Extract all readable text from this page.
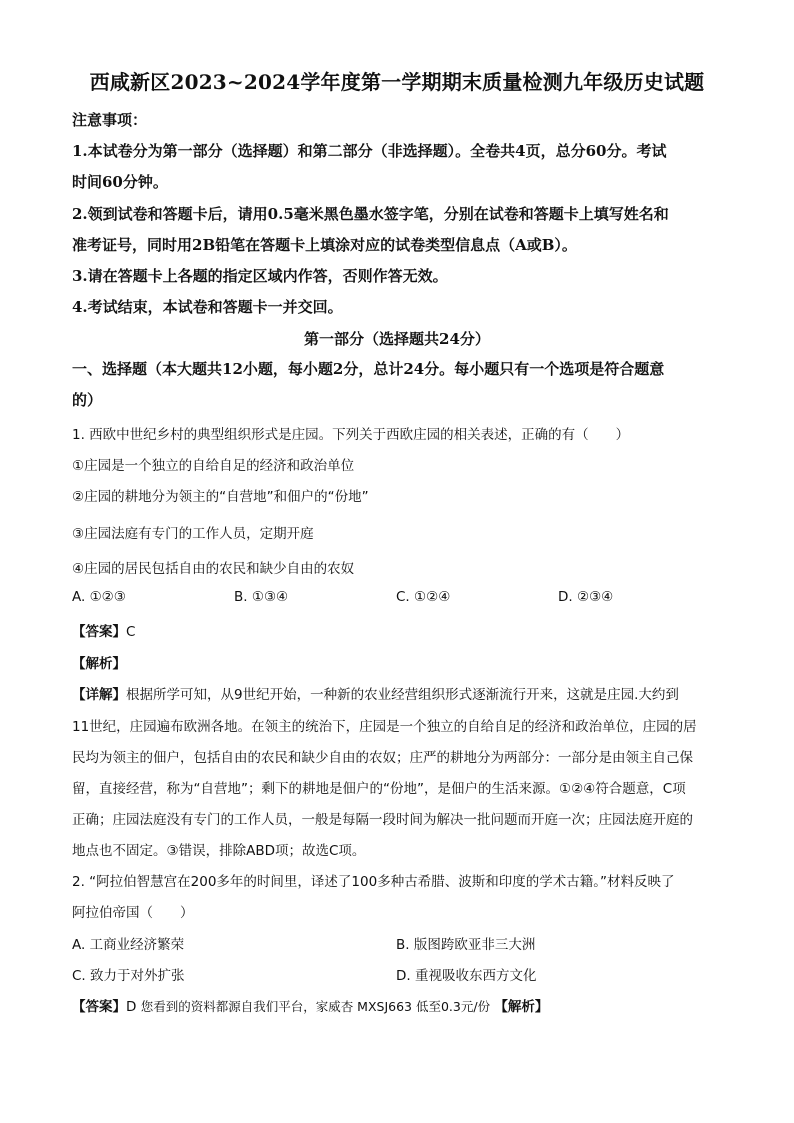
西咸新区2023~2024学年度第一学期期末质量检测九年级历史试题
注意事项：
1.本试卷分为第一部分（选择题）和第二部分（非选择题）。全卷共4页，总分60分。考试
时间60分钟。
2.领到试卷和答题卡后，请用0.5毫米黑色墨水签字笔，分别在试卷和答题卡上填写姓名和
准考证号，同时用2B铅笔在答题卡上填涂对应的试卷类型信息点（A或B）。
3.请在答题卡上各题的指定区域内作答，否则作答无效。
4.考试结束，本试卷和答题卡一并交回。
第一部分（选择题共24分）
一、选择题（本大题共12小题，每小题2分，总计24分。每小题只有一个选项是符合题意
的）
1. 西欧中世纪乡村的典型组织形式是庄园。下列关于西欧庄园的相关表述，正确的有（　　）
①庄园是一个独立的自给自足的经济和政治单位
②庄园的耕地分为领主的“自营地”和佃户的“份地”
③庄园法庭有专门的工作人员，定期开庭
④庄园的居民包括自由的农民和缺少自由的农奴
A. ①②③	B. ①③④	C. ①②④	D. ②③④
【答案】C
【解析】
【详解】根据所学可知，从9世纪开始，一种新的农业经营组织形式逐渐流行开来，这就是庄园.大约到
11世纪，庄园遍布欧洲各地。在领主的统治下，庄园是一个独立的自给自足的经济和政治单位，庄园的居
民均为领主的佃户，包括自由的农民和缺少自由的农奴；庄严的耕地分为两部分：一部分是由领主自己保
留，直接经营，称为“自营地”；剩下的耕地是佃户的“份地”，是佃户的生活来源。①②④符合题意，C项
正确；庄园法庭没有专门的工作人员，一般是每隔一段时间为解决一批问题而开庭一次；庄园法庭开庭的
地点也不固定。③错误，排除ABD项；故选C项。
2. “阿拉伯智慧宫在200多年的时间里，译述了100多种古希腊、波斯和印度的学术古籍。”材料反映了
阿拉伯帝国（　　）
A. 工商业经济繁荣	B. 版图跨欧亚非三大洲
C. 致力于对外扩张	D. 重视吸收东西方文化
【答案】D 您看到的资料都源自我们平台，家威杏 MXSJ663 低至0.3元/份 【解析】
